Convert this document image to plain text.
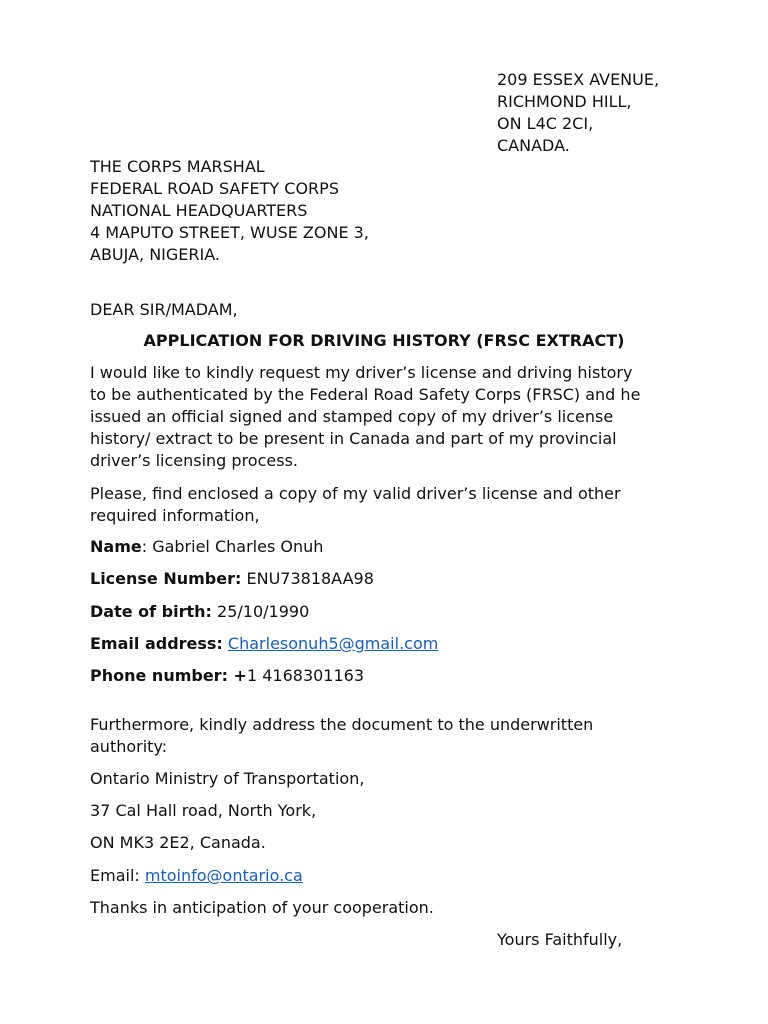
209 ESSEX AVENUE,
RICHMOND HILL,
ON L4C 2CI,
CANADA.
THE CORPS MARSHAL
FEDERAL ROAD SAFETY CORPS
NATIONAL HEADQUARTERS
4 MAPUTO STREET, WUSE ZONE 3,
ABUJA, NIGERIA.
DEAR SIR/MADAM,
APPLICATION FOR DRIVING HISTORY (FRSC EXTRACT)
I would like to kindly request my driver’s license and driving history
to be authenticated by the Federal Road Safety Corps (FRSC) and he
issued an official signed and stamped copy of my driver’s license
history/ extract to be present in Canada and part of my provincial
driver’s licensing process.
Please, find enclosed a copy of my valid driver’s license and other
required information,
Name: Gabriel Charles Onuh
License Number: ENU73818AA98
Date of birth: 25/10/1990
Email address: Charlesonuh5@gmail.com
Phone number: +1 4168301163
Furthermore, kindly address the document to the underwritten
authority:
Ontario Ministry of Transportation,
37 Cal Hall road, North York,
ON MK3 2E2, Canada.
Email: mtoinfo@ontario.ca
Thanks in anticipation of your cooperation.
Yours Faithfully,
